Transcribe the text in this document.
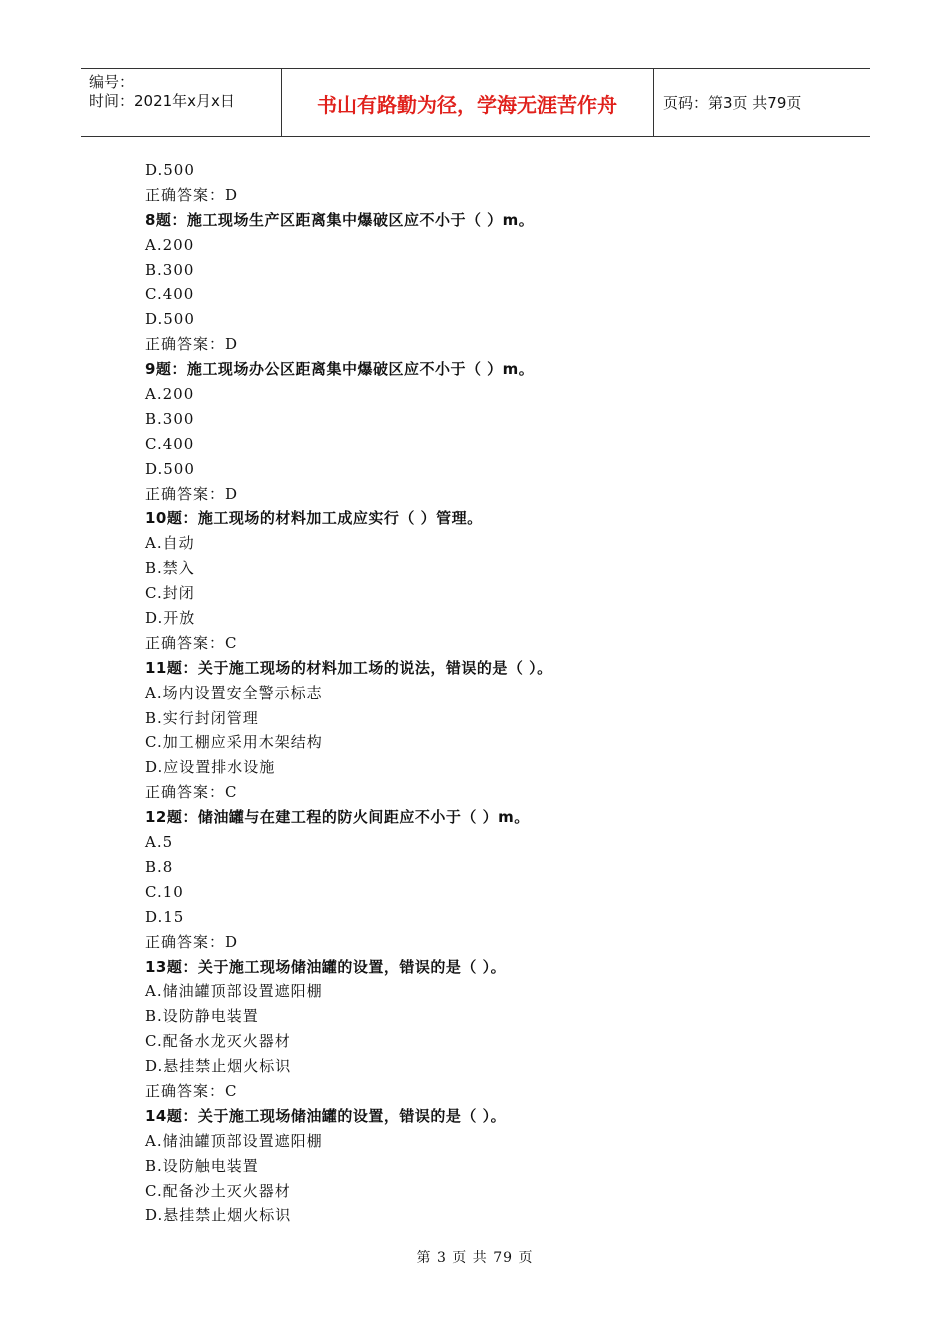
编号：
时间：2021年x月x日	书山有路勤为径，学海无涯苦作舟	页码：第3页 共79页
D.500
正确答案：D
8题：施工现场生产区距离集中爆破区应不小于（ ）m。
A.200
B.300
C.400
D.500
正确答案：D
9题：施工现场办公区距离集中爆破区应不小于（ ）m。
A.200
B.300
C.400
D.500
正确答案：D
10题：施工现场的材料加工成应实行（ ）管理。
A.自动
B.禁入
C.封闭
D.开放
正确答案：C
11题：关于施工现场的材料加工场的说法，错误的是（ ）。
A.场内设置安全警示标志
B.实行封闭管理
C.加工棚应采用木架结构
D.应设置排水设施
正确答案：C
12题：储油罐与在建工程的防火间距应不小于（ ）m。
A.5
B.8
C.10
D.15
正确答案：D
13题：关于施工现场储油罐的设置，错误的是（ ）。
A.储油罐顶部设置遮阳棚
B.设防静电装置
C.配备水龙灭火器材
D.悬挂禁止烟火标识
正确答案：C
14题：关于施工现场储油罐的设置，错误的是（ ）。
A.储油罐顶部设置遮阳棚
B.设防触电装置
C.配备沙土灭火器材
D.悬挂禁止烟火标识
第 3 页 共 79 页
